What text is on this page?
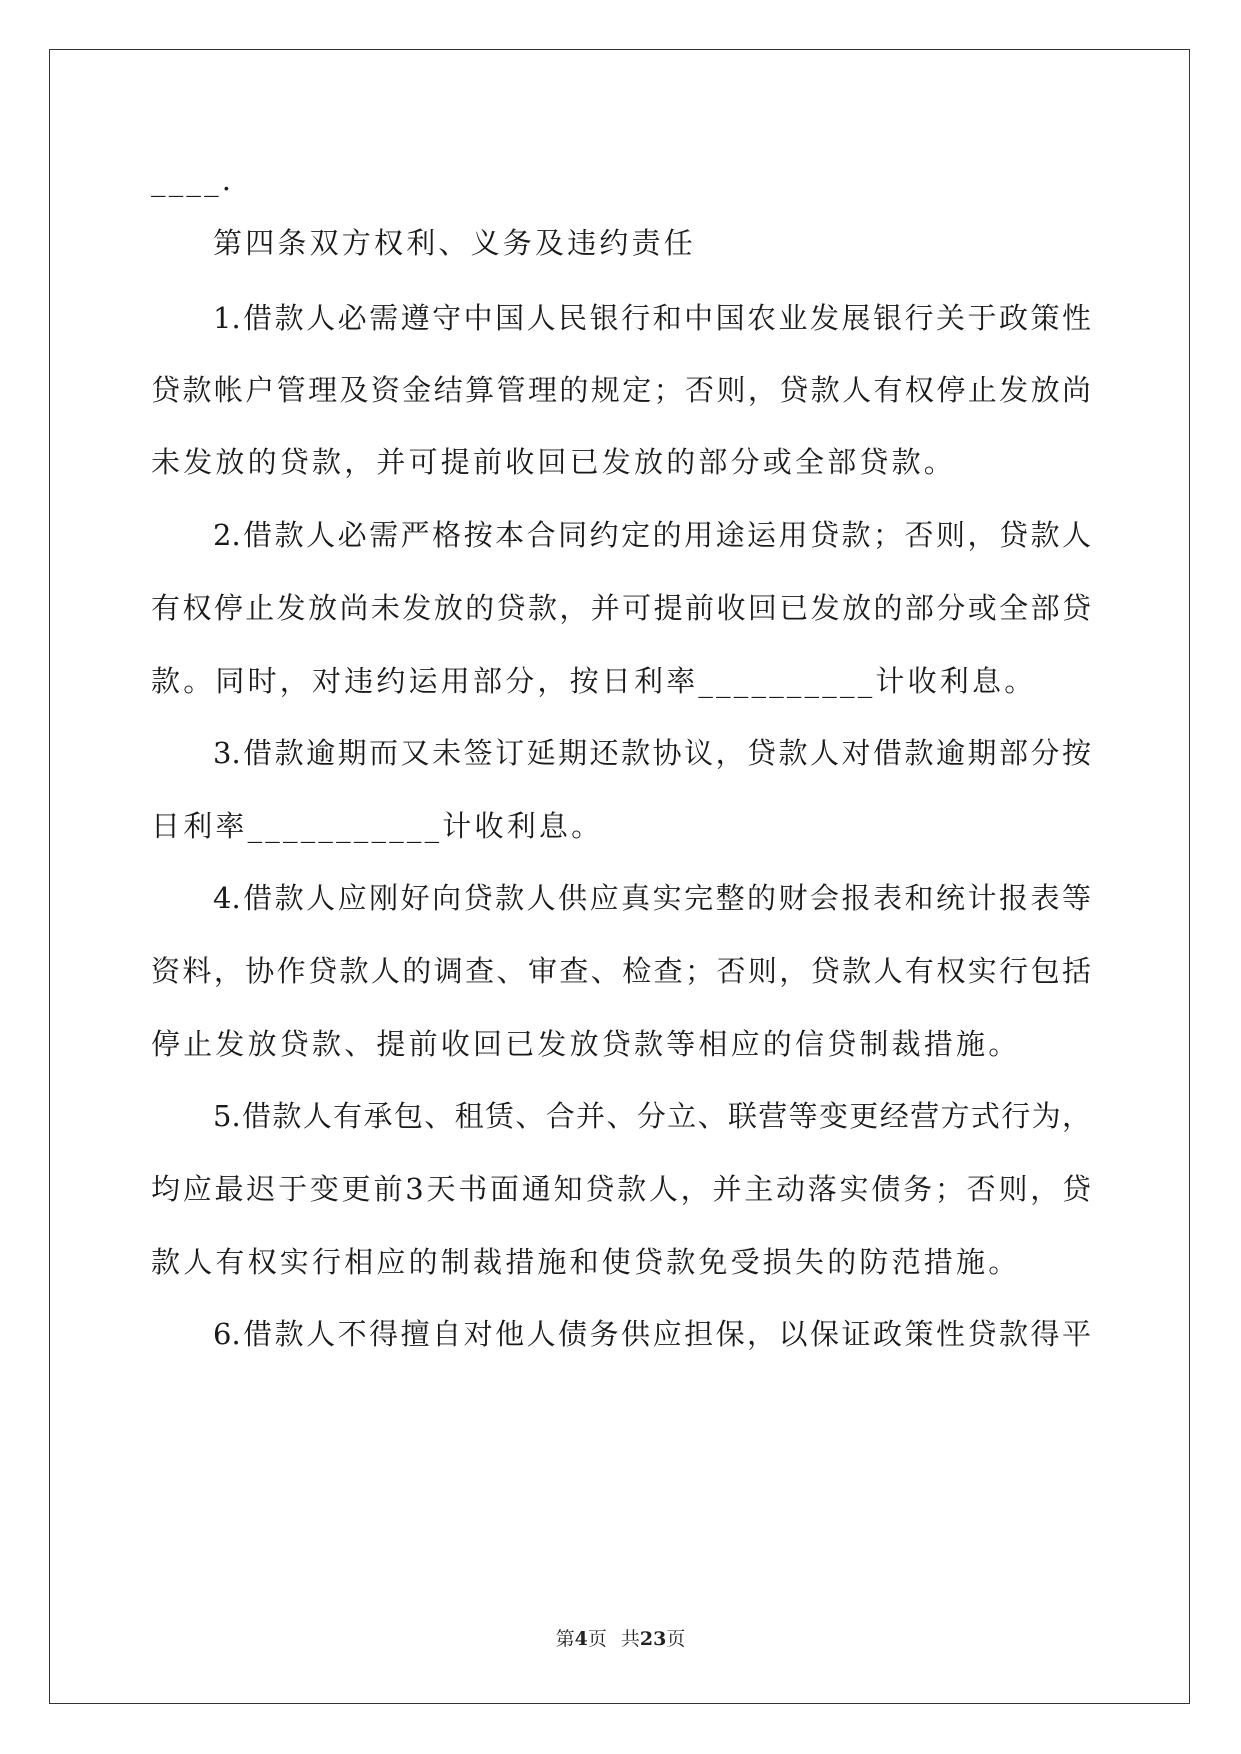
____.
第四条双方权利、义务及违约责任
1.借款人必需遵守中国人民银行和中国农业发展银行关于政策性
贷款帐户管理及资金结算管理的规定；否则，贷款人有权停止发放尚
未发放的贷款，并可提前收回已发放的部分或全部贷款。
2.借款人必需严格按本合同约定的用途运用贷款；否则，贷款人
有权停止发放尚未发放的贷款，并可提前收回已发放的部分或全部贷
款。同时，对违约运用部分，按日利率__________计收利息。
3.借款逾期而又未签订延期还款协议，贷款人对借款逾期部分按
日利率___________计收利息。
4.借款人应刚好向贷款人供应真实完整的财会报表和统计报表等
资料，协作贷款人的调查、审查、检查；否则，贷款人有权实行包括
停止发放贷款、提前收回已发放贷款等相应的信贷制裁措施。
5.借款人有承包、租赁、合并、分立、联营等变更经营方式行为，
均应最迟于变更前3天书面通知贷款人，并主动落实债务；否则，贷
款人有权实行相应的制裁措施和使贷款免受损失的防范措施。
6.借款人不得擅自对他人债务供应担保，以保证政策性贷款得平
第4页 共23页
